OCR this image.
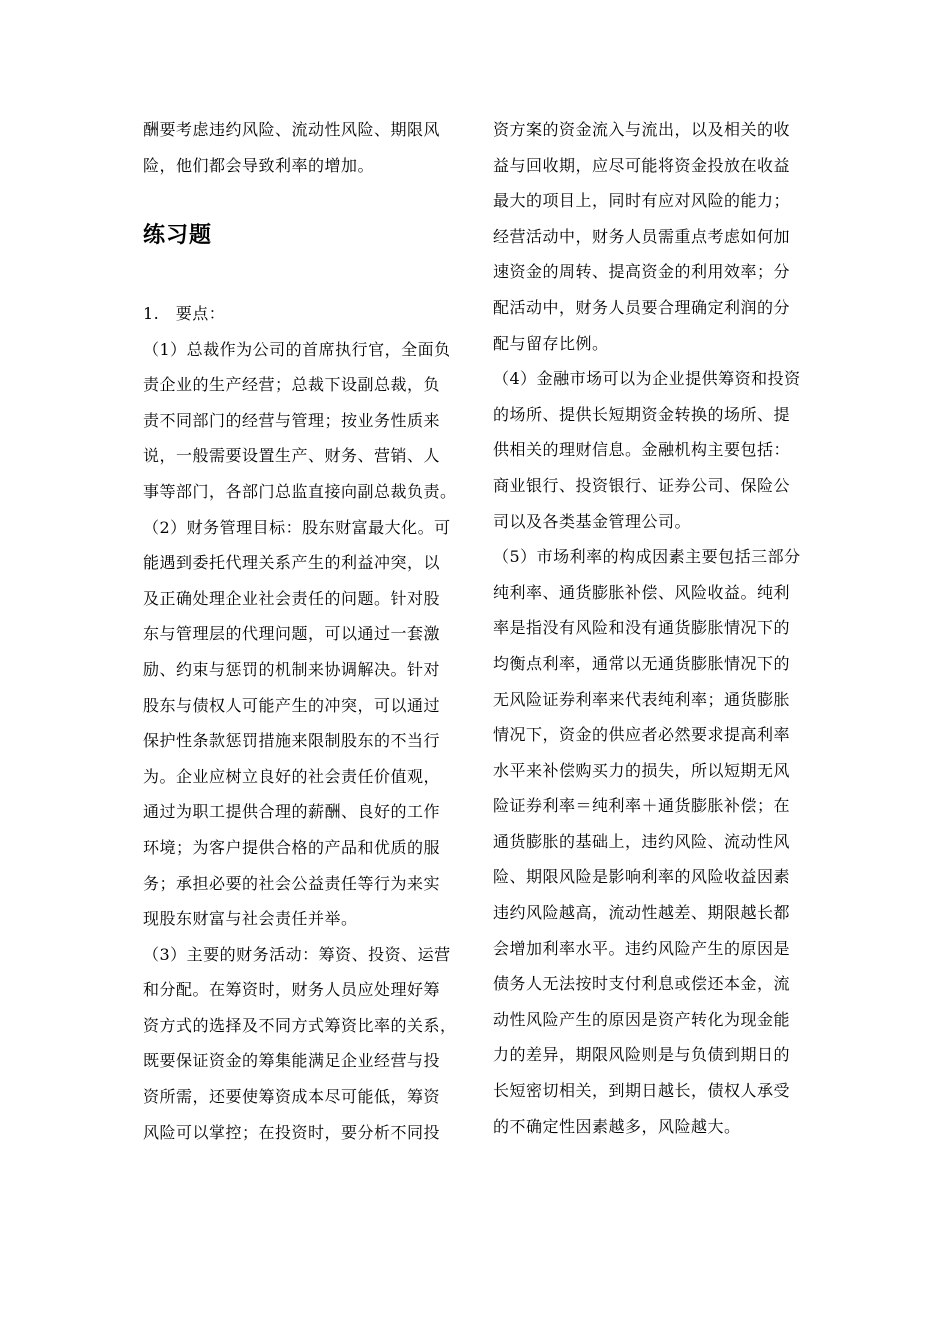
酬要考虑违约风险、流动性风险、期限风
险，他们都会导致利率的增加。
练习题
1.　要点：
（1）总裁作为公司的首席执行官，全面负
责企业的生产经营；总裁下设副总裁，负
责不同部门的经营与管理；按业务性质来
说，一般需要设置生产、财务、营销、人
事等部门，各部门总监直接向副总裁负责。
（2）财务管理目标：股东财富最大化。可
能遇到委托代理关系产生的利益冲突，以
及正确处理企业社会责任的问题。针对股
东与管理层的代理问题，可以通过一套激
励、约束与惩罚的机制来协调解决。针对
股东与债权人可能产生的冲突，可以通过
保护性条款惩罚措施来限制股东的不当行
为。企业应树立良好的社会责任价值观，
通过为职工提供合理的薪酬、良好的工作
环境；为客户提供合格的产品和优质的服
务；承担必要的社会公益责任等行为来实
现股东财富与社会责任并举。
（3）主要的财务活动：筹资、投资、运营
和分配。在筹资时，财务人员应处理好筹
资方式的选择及不同方式筹资比率的关系，
既要保证资金的筹集能满足企业经营与投
资所需，还要使筹资成本尽可能低，筹资
风险可以掌控；在投资时，要分析不同投
资方案的资金流入与流出，以及相关的收
益与回收期，应尽可能将资金投放在收益
最大的项目上，同时有应对风险的能力；
经营活动中，财务人员需重点考虑如何加
速资金的周转、提高资金的利用效率；分
配活动中，财务人员要合理确定利润的分
配与留存比例。
（4）金融市场可以为企业提供筹资和投资
的场所、提供长短期资金转换的场所、提
供相关的理财信息。金融机构主要包括：
商业银行、投资银行、证券公司、保险公
司以及各类基金管理公司。
（5）市场利率的构成因素主要包括三部分
纯利率、通货膨胀补偿、风险收益。纯利
率是指没有风险和没有通货膨胀情况下的
均衡点利率，通常以无通货膨胀情况下的
无风险证券利率来代表纯利率；通货膨胀
情况下，资金的供应者必然要求提高利率
水平来补偿购买力的损失，所以短期无风
险证券利率＝纯利率＋通货膨胀补偿；在
通货膨胀的基础上，违约风险、流动性风
险、期限风险是影响利率的风险收益因素
违约风险越高，流动性越差、期限越长都
会增加利率水平。违约风险产生的原因是
债务人无法按时支付利息或偿还本金，流
动性风险产生的原因是资产转化为现金能
力的差异，期限风险则是与负债到期日的
长短密切相关，到期日越长，债权人承受
的不确定性因素越多，风险越大。
